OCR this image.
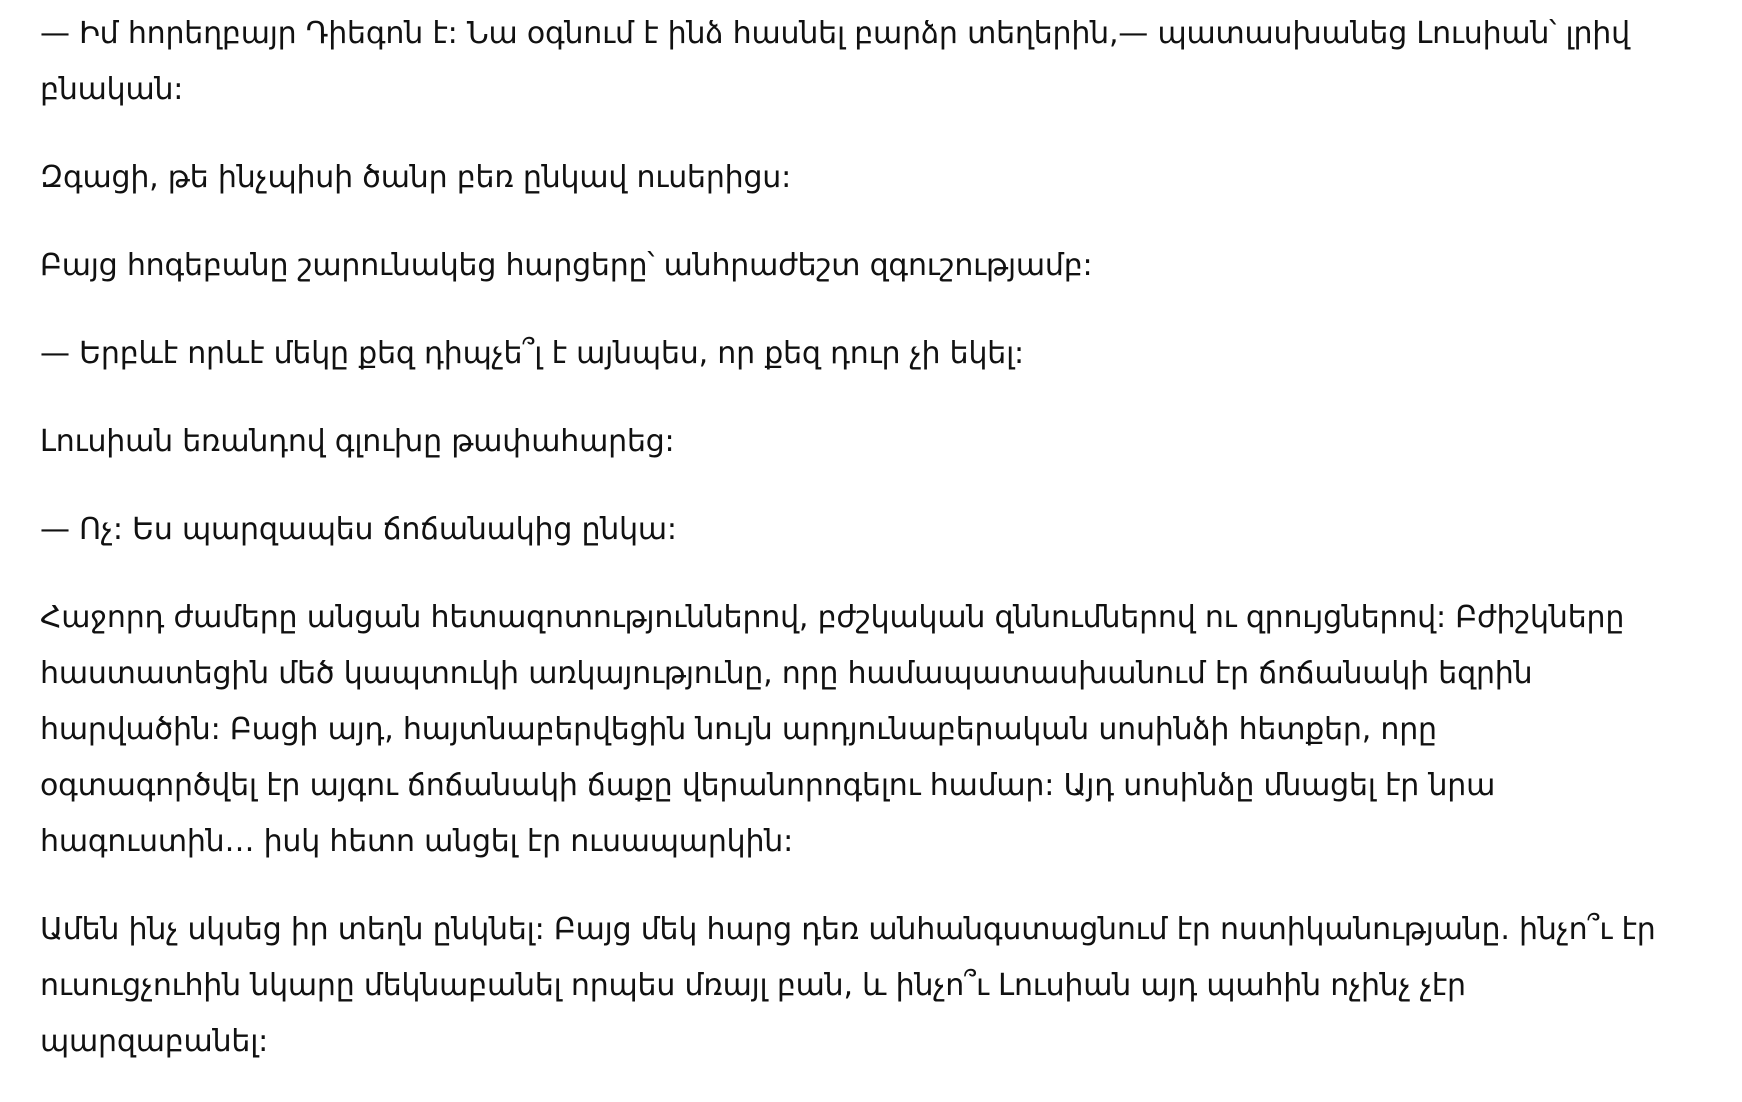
— Իմ հորեղբայր Դիեգոն է: Նա օգնում է ինձ հասնել բարձր տեղերին,— պատասխանեց Լուսիան՝ լրիվ բնական:

Զգացի, թե ինչպիսի ծանր բեռ ընկավ ուսերիցս:

Բայց հոգեբանը շարունակեց հարցերը՝ անհրաժեշտ զգուշությամբ:

— Երբևէ որևէ մեկը քեզ դիպչե՞լ է այնպես, որ քեզ դուր չի եկել:

Լուսիան եռանդով գլուխը թափահարեց:

— Ոչ: Ես պարզապես ճոճանակից ընկա:

Հաջորդ ժամերը անցան հետազոտություններով, բժշկական զննումներով ու զրույցներով: Բժիշկները հաստատեցին մեծ կապտուկի առկայությունը, որը համապատասխանում էր ճոճանակի եզրին հարվածին: Բացի այդ, հայտնաբերվեցին նույն արդյունաբերական սոսինձի հետքեր, որը օգտագործվել էր այգու ճոճանակի ճաքը վերանորոգելու համար: Այդ սոսինձը մնացել էր նրա հագուստին… իսկ հետո անցել էր ուսապարկին:

Ամեն ինչ սկսեց իր տեղն ընկնել: Բայց մեկ հարց դեռ անհանգստացնում էր ոստիկանությանը. ինչո՞ւ էր ուսուցչուհին նկարը մեկնաբանել որպես մռայլ բան, և ինչո՞ւ Լուսիան այդ պահին ոչինչ չէր պարզաբանել:
